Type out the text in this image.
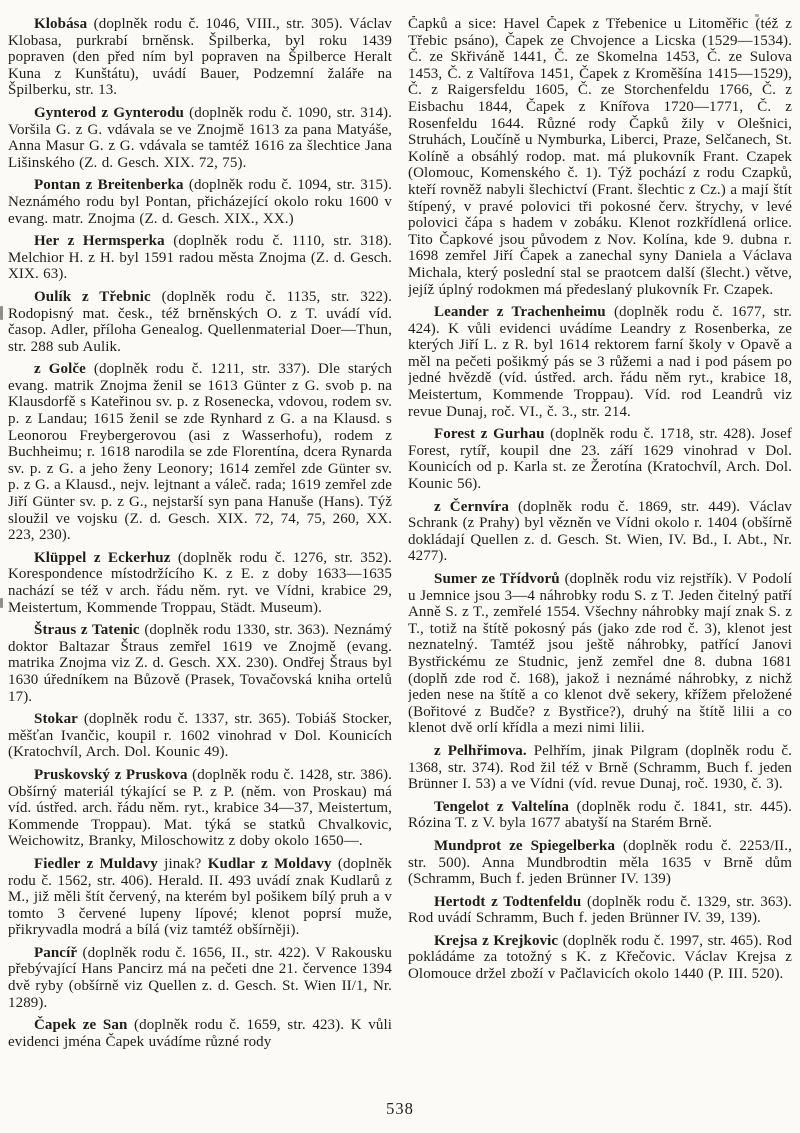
Klobása (doplněk rodu č. 1046, VIII., str. 305). Václav Klobasa, purkrabí brněnsk. Špilberka, byl roku 1439 popraven (den před ním byl popraven na Špilberce Heralt Kuna z Kunštátu), uvádí Bauer, Podzemní žaláře na Špilberku, str. 13.

Gynterod z Gynterodu (doplněk rodu č. 1090, str. 314). Voršila G. z G. vdávala se ve Znojmě 1613 za pana Matyáše, Anna Masur G. z G. vdávala se tamtéž 1616 za šlechtice Jana Lišinského (Z. d. Gesch. XIX. 72, 75).

Pontan z Breitenberka (doplněk rodu č. 1094, str. 315). Neznámého rodu byl Pontan, přicházející okolo roku 1600 v evang. matr. Znojma (Z. d. Gesch. XIX., XX.)

Her z Hermsperka (doplněk rodu č. 1110, str. 318). Melchior H. z H. byl 1591 radou města Znojma (Z. d. Gesch. XIX. 63).

Oulík z Třebnic (doplněk rodu č. 1135, str. 322). Rodopisný mat. česk., též brněnských O. z T. uvádí víd. časop. Adler, příloha Genealog. Quellenmaterial Doer—Thun, str. 288 sub Aulik.

z Golče (doplněk rodu č. 1211, str. 337). Dle starých evang. matrik Znojma ženil se 1613 Günter z G. svob p. na Klausdorfě s Kateřinou sv. p. z Rosenecka, vdovou, rodem sv. p. z Landau; 1615 ženil se zde Rynhard z G. a na Klausd. s Leonorou Freybergerovou (asi z Wasserhofu), rodem z Buchheimu; r. 1618 narodila se zde Florentína, dcera Rynarda sv. p. z G. a jeho ženy Leonory; 1614 zemřel zde Günter sv. p. z G. a Klausd., nejv. lejtnant a váleč. rada; 1619 zemřel zde Jiří Günter sv. p. z G., nejstarší syn pana Hanuše (Hans). Týž sloužil ve vojsku (Z. d. Gesch. XIX. 72, 74, 75, 260, XX. 223, 230).

Klüppel z Eckerhuz (doplněk rodu č. 1276, str. 352). Korespondence místodržícího K. z E. z doby 1633—1635 nachází se též v arch. řádu něm. ryt. ve Vídni, krabice 29, Meistertum, Kommende Troppau, Städt. Museum).

Štraus z Tatenic (doplněk rodu 1330, str. 363). Neznámý doktor Baltazar Štraus zemřel 1619 ve Znojmě (evang. matrika Znojma viz Z. d. Gesch. XX. 230). Ondřej Štraus byl 1630 úředníkem na Bůzově (Prasek, Tovačovská kniha ortelů 17).

Stokar (doplněk rodu č. 1337, str. 365). Tobiáš Stocker, měšťan Ivančic, koupil r. 1602 vinohrad v Dol. Kounicích (Kratochvíl, Arch. Dol. Kounic 49).

Pruskovský z Pruskova (doplněk rodu č. 1428, str. 386). Obšírný materiál týkající se P. z P. (něm. von Proskau) má víd. ústřed. arch. řádu něm. ryt., krabice 34—37, Meistertum, Kommende Troppau). Mat. týká se statků Chvalkovic, Weichowitz, Branky, Miloschowitz z doby okolo 1650—.

Fiedler z Muldavy jinak? Kudlar z Moldavy (doplněk rodu č. 1562, str. 406). Herald. II. 493 uvádí znak Kudlarů z M., již měli štít červený, na kterém byl pošikem bílý pruh a v tomto 3 červené lupeny lípové; klenot poprsí muže, přikryvadla modrá a bílá (viz tamtéž obšírněji).

Pancíř (doplněk rodu č. 1656, II., str. 422). V Rakousku přebývající Hans Pancirz má na pečeti dne 21. července 1394 dvě ryby (obšírně viz Quellen z. d. Gesch. St. Wien II/1, Nr. 1289).

Čapek ze San (doplněk rodu č. 1659, str. 423). K vůli evidenci jména Čapek uvádíme různé rody

Čapků a sice: Havel Čapek z Třebenice u Litoměřic (též z Třebic psáno), Čapek ze Chvojence a Licska (1529—1534). Č. ze Skřiváně 1441, Č. ze Skomelna 1453, Č. ze Sulova 1453, Č. z Valtířova 1451, Čapek z Kroměšína 1415—1529), Č. z Raigersfeldu 1605, Č. ze Storchenfeldu 1766, Č. z Eisbachu 1844, Čapek z Knířova 1720—1771, Č. z Rosenfeldu 1644. Různé rody Čapků žily v Olešnici, Struhách, Loučíně u Nymburka, Liberci, Praze, Selčanech, St. Kolíně a obsáhlý rodop. mat. má plukovník Frant. Czapek (Olomouc, Komenského č. 1). Týž pochází z rodu Czapků, kteří rovněž nabyli šlechictví (Frant. šlechtic z Cz.) a mají štít štípený, v pravé polovici tři pokosné červ. štrychy, v levé polovici čápa s hadem v zobáku. Klenot rozkřídlená orlice. Tito Čapkové jsou původem z Nov. Kolína, kde 9. dubna r. 1698 zemřel Jiří Čapek a zanechal syny Daniela a Václava Michala, který poslední stal se praotcem další (šlecht.) větve, jejíž úplný rodokmen má předeslaný plukovník Fr. Czapek.

Leander z Trachenheimu (doplněk rodu č. 1677, str. 424). K vůli evidenci uvádíme Leandry z Rosenberka, ze kterých Jiří L. z R. byl 1614 rektorem farní školy v Opavě a měl na pečeti pošikmý pás se 3 růžemi a nad i pod pásem po jedné hvězdě (víd. ústřed. arch. řádu něm ryt., krabice 18, Meistertum, Kommende Troppau). Víd. rod Leandrů viz revue Dunaj, roč. VI., č. 3., str. 214.

Forest z Gurhau (doplněk rodu č. 1718, str. 428). Josef Forest, rytíř, koupil dne 23. září 1629 vinohrad v Dol. Kounicích od p. Karla st. ze Žerotína (Kratochvíl, Arch. Dol. Kounic 56).

z Černvíra (doplněk rodu č. 1869, str. 449). Václav Schrank (z Prahy) byl vězněn ve Vídni okolo r. 1404 (obšírně dokládají Quellen z. d. Gesch. St. Wien, IV. Bd., I. Abt., Nr. 4277).

Sumer ze Třídvorů (doplněk rodu viz rejstřík). V Podolí u Jemnice jsou 3—4 náhrobky rodu S. z T. Jeden čitelný patří Anně S. z T., zemřelé 1554. Všechny náhrobky mají znak S. z T., totiž na štítě pokosný pás (jako zde rod č. 3), klenot jest neznatelný. Tamtéž jsou ještě náhrobky, patřící Janovi Bystřickému ze Studnic, jenž zemřel dne 8. dubna 1681 (doplň zde rod č. 168), jakož i neznámé náhrobky, z nichž jeden nese na štítě a co klenot dvě sekery, křížem přeložené (Bořitové z Budče? z Bystřice?), druhý na štítě lilii a co klenot dvě orlí křídla a mezi nimi lilii.

z Pelhřimova. Pelhřím, jinak Pilgram (doplněk rodu č. 1368, str. 374). Rod žil též v Brně (Schramm, Buch f. jeden Brünner I. 53) a ve Vídni (víd. revue Dunaj, roč. 1930, č. 3).

Tengelot z Valtelína (doplněk rodu č. 1841, str. 445). Rózina T. z V. byla 1677 abatyší na Starém Brně.

Mundprot ze Spiegelberka (doplněk rodu č. 2253/II., str. 500). Anna Mundbrodtin měla 1635 v Brně dům (Schramm, Buch f. jeden Brünner IV. 139)

Hertodt z Todtenfeldu (doplněk rodu č. 1329, str. 363). Rod uvádí Schramm, Buch f. jeden Brünner IV. 39, 139).

Krejsa z Krejkovic (doplněk rodu č. 1997, str. 465). Rod pokládáme za totožný s K. z Křečovic. Václav Krejsa z Olomouce držel zboží v Pačlavicích okolo 1440 (P. III. 520).

538
